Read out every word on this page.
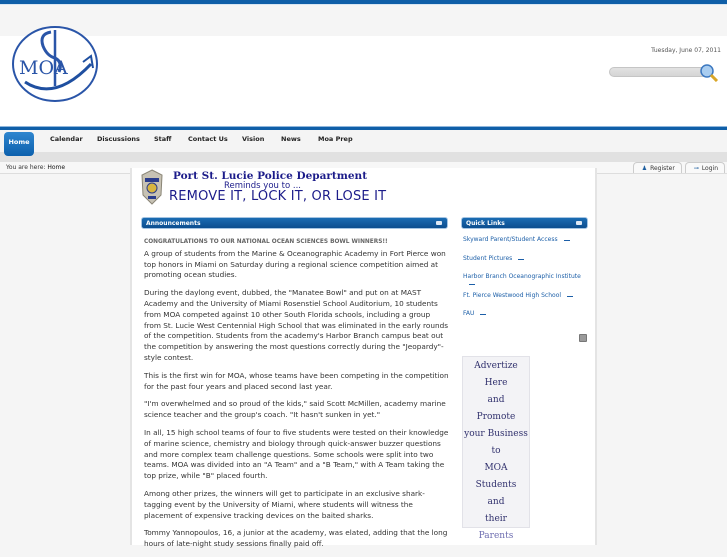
MOA
Tuesday, June 07, 2011
Home	Calendar Discussions Staff	Contact Us Vision	News	Moa Prep
You are here: Home	♟ Register	⊸ Login
Port St. Lucie Police Department
Reminds you to ...
REMOVE IT, LOCK IT, OR LOSE IT
Announcements
CONGRATULATIONS TO OUR NATIONAL OCEAN SCIENCES BOWL WINNERS!!

A group of students from the Marine & Oceanographic Academy in Fort Pierce won top honors in Miami on Saturday during a regional science competition aimed at promoting ocean studies.

During the daylong event, dubbed, the "Manatee Bowl" and put on at MAST Academy and the University of Miami Rosenstiel School Auditorium, 10 students from MOA competed against 10 other South Florida schools, including a group from St. Lucie West Centennial High School that was eliminated in the early rounds of the competition. Students from the academy's Harbor Branch campus beat out the competition by answering the most questions correctly during the "Jeopardy"-style contest.

This is the first win for MOA, whose teams have been competing in the competition for the past four years and placed second last year.

"I'm overwhelmed and so proud of the kids," said Scott McMillen, academy marine science teacher and the group's coach. "It hasn't sunken in yet."

In all, 15 high school teams of four to five students were tested on their knowledge of marine science, chemistry and biology through quick-answer buzzer questions and more complex team challenge questions. Some schools were split into two teams. MOA was divided into an "A Team" and a "B Team," with A Team taking the top prize, while "B" placed fourth.

Among other prizes, the winners will get to participate in an exclusive shark-tagging event by the University of Miami, where students will witness the placement of expensive tracking devices on the baited sharks.

Tommy Yannopoulos, 16, a junior at the academy, was elated, adding that the long hours of late-night study sessions finally paid off.

Quick Links
Skyward Parent/Student Access
Student Pictures
Harbor Branch Oceanographic Institute
Ft. Pierce Westwood High School
FAU
Advertize
Here
and
Promote
your Business
to
MOA Students
and
their
Parents
